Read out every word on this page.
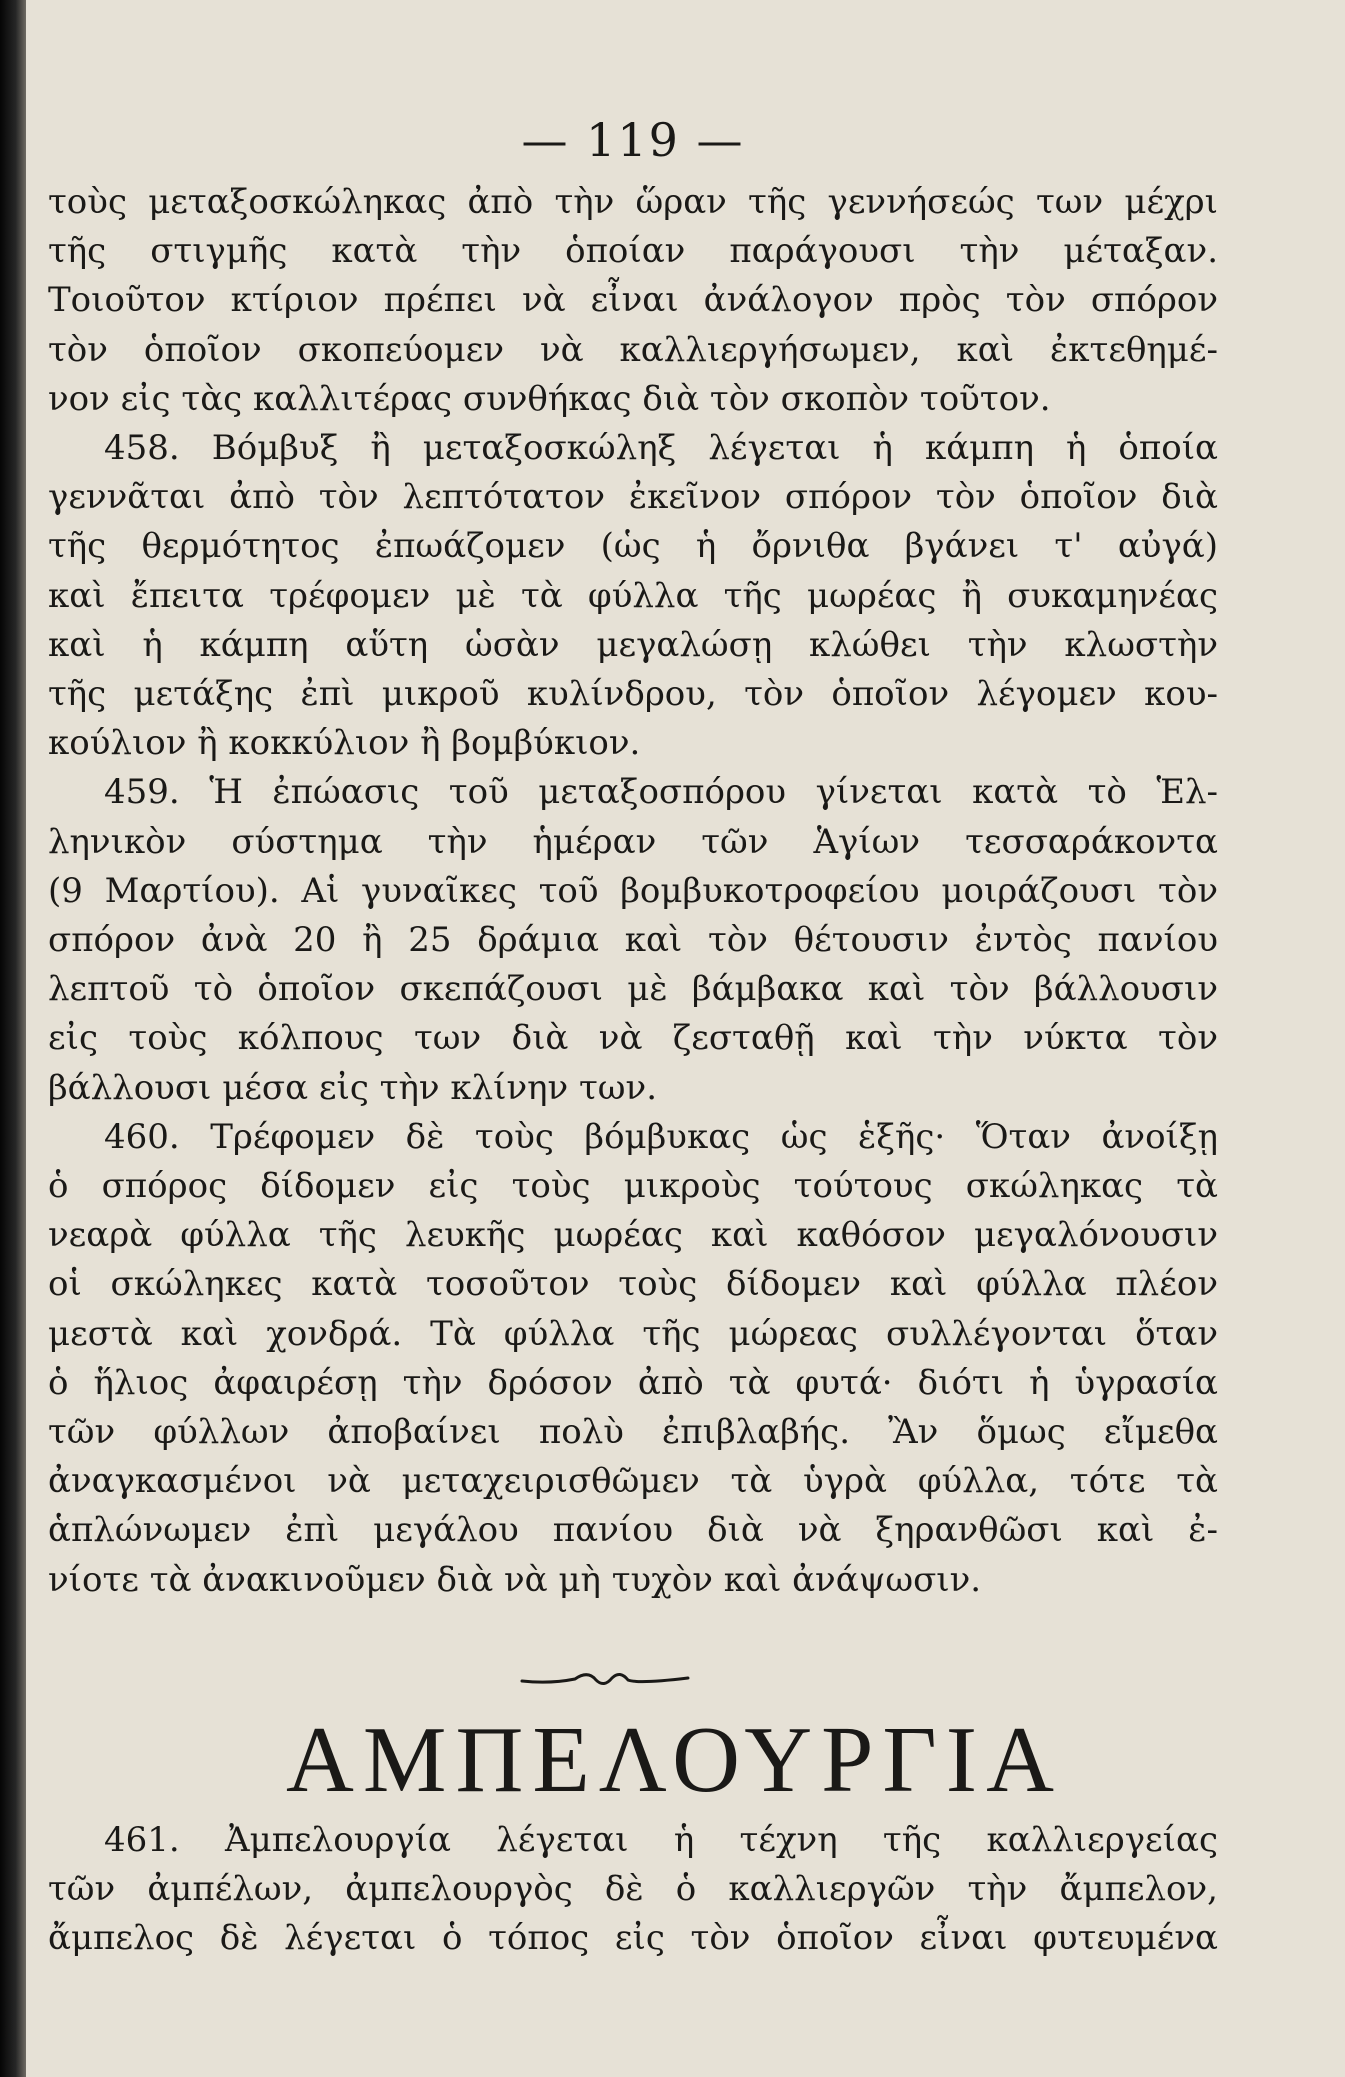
— 119 —
τοὺς μεταξοσκώληκας ἀπὸ τὴν ὥραν τῆς γεννήσεώς των μέχρι
τῆς στιγμῆς κατὰ τὴν ὁποίαν παράγουσι τὴν μέταξαν.
Τοιοῦτον κτίριον πρέπει νὰ εἶναι ἀνάλογον πρὸς τὸν σπόρον
τὸν ὁποῖον σκοπεύομεν νὰ καλλιεργήσωμεν, καὶ ἐκτεθημέ-
νον εἰς τὰς καλλιτέρας συνθήκας διὰ τὸν σκοπὸν τοῦτον.
458. Βόμβυξ ἢ μεταξοσκώληξ λέγεται ἡ κάμπη ἡ ὁποία
γεννᾶται ἀπὸ τὸν λεπτότατον ἐκεῖνον σπόρον τὸν ὁποῖον διὰ
τῆς θερμότητος ἐπωάζομεν (ὡς ἡ ὄρνιθα βγάνει τ' αὐγά)
καὶ ἔπειτα τρέφομεν μὲ τὰ φύλλα τῆς μωρέας ἢ συκαμηνέας
καὶ ἡ κάμπη αὕτη ὡσὰν μεγαλώσῃ κλώθει τὴν κλωστὴν
τῆς μετάξης ἐπὶ μικροῦ κυλίνδρου, τὸν ὁποῖον λέγομεν κου-
κούλιον ἢ κοκκύλιον ἢ βομβύκιον.
459. Ἡ ἐπώασις τοῦ μεταξοσπόρου γίνεται κατὰ τὸ Ἑλ-
ληνικὸν σύστημα τὴν ἡμέραν τῶν Ἁγίων τεσσαράκοντα
(9 Μαρτίου). Αἱ γυναῖκες τοῦ βομβυκοτροφείου μοιράζουσι τὸν
σπόρον ἀνὰ 20 ἢ 25 δράμια καὶ τὸν θέτουσιν ἐντὸς πανίου
λεπτοῦ τὸ ὁποῖον σκεπάζουσι μὲ βάμβακα καὶ τὸν βάλλουσιν
εἰς τοὺς κόλπους των διὰ νὰ ζεσταθῇ καὶ τὴν νύκτα τὸν
βάλλουσι μέσα εἰς τὴν κλίνην των.
460. Τρέφομεν δὲ τοὺς βόμβυκας ὡς ἑξῆς· Ὅταν ἀνοίξῃ
ὁ σπόρος δίδομεν εἰς τοὺς μικροὺς τούτους σκώληκας τὰ
νεαρὰ φύλλα τῆς λευκῆς μωρέας καὶ καθόσον μεγαλόνουσιν
οἱ σκώληκες κατὰ τοσοῦτον τοὺς δίδομεν καὶ φύλλα πλέον
μεστὰ καὶ χονδρά. Τὰ φύλλα τῆς μώρεας συλλέγονται ὅταν
ὁ ἥλιος ἀφαιρέσῃ τὴν δρόσον ἀπὸ τὰ φυτά· διότι ἡ ὑγρασία
τῶν φύλλων ἀποβαίνει πολὺ ἐπιβλαβής. Ἂν ὅμως εἴμεθα
ἀναγκασμένοι νὰ μεταχειρισθῶμεν τὰ ὑγρὰ φύλλα, τότε τὰ
ἁπλώνωμεν ἐπὶ μεγάλου πανίου διὰ νὰ ξηρανθῶσι καὶ ἐ-
νίοτε τὰ ἀνακινοῦμεν διὰ νὰ μὴ τυχὸν καὶ ἀνάψωσιν.
ΑΜΠΕΛΟΥΡΓΙΑ
461. Ἀμπελουργία λέγεται ἡ τέχνη τῆς καλλιεργείας
τῶν ἀμπέλων, ἀμπελουργὸς δὲ ὁ καλλιεργῶν τὴν ἄμπελον,
ἄμπελος δὲ λέγεται ὁ τόπος εἰς τὸν ὁποῖον εἶναι φυτευμένα
